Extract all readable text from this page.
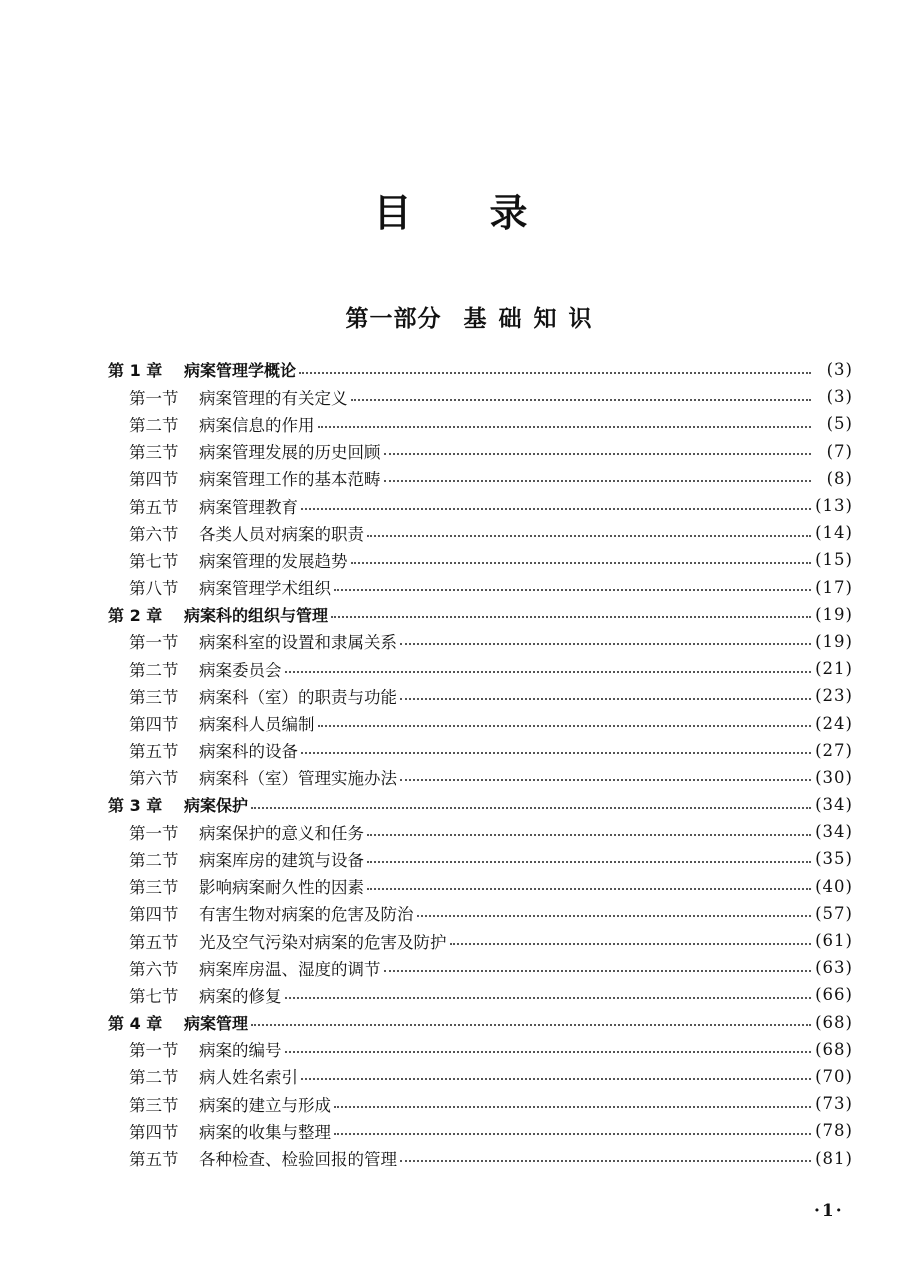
目 录
第一部分 基础知识
第 1 章	病案管理学概论	(3)
第一节	病案管理的有关定义	(3)
第二节	病案信息的作用	(5)
第三节	病案管理发展的历史回顾	(7)
第四节	病案管理工作的基本范畴	(8)
第五节	病案管理教育	(13)
第六节	各类人员对病案的职责	(14)
第七节	病案管理的发展趋势	(15)
第八节	病案管理学术组织	(17)
第 2 章	病案科的组织与管理	(19)
第一节	病案科室的设置和隶属关系	(19)
第二节	病案委员会	(21)
第三节	病案科（室）的职责与功能	(23)
第四节	病案科人员编制	(24)
第五节	病案科的设备	(27)
第六节	病案科（室）管理实施办法	(30)
第 3 章	病案保护	(34)
第一节	病案保护的意义和任务	(34)
第二节	病案库房的建筑与设备	(35)
第三节	影响病案耐久性的因素	(40)
第四节	有害生物对病案的危害及防治	(57)
第五节	光及空气污染对病案的危害及防护	(61)
第六节	病案库房温、湿度的调节	(63)
第七节	病案的修复	(66)
第 4 章	病案管理	(68)
第一节	病案的编号	(68)
第二节	病人姓名索引	(70)
第三节	病案的建立与形成	(73)
第四节	病案的收集与整理	(78)
第五节	各种检查、检验回报的管理	(81)
·1·
